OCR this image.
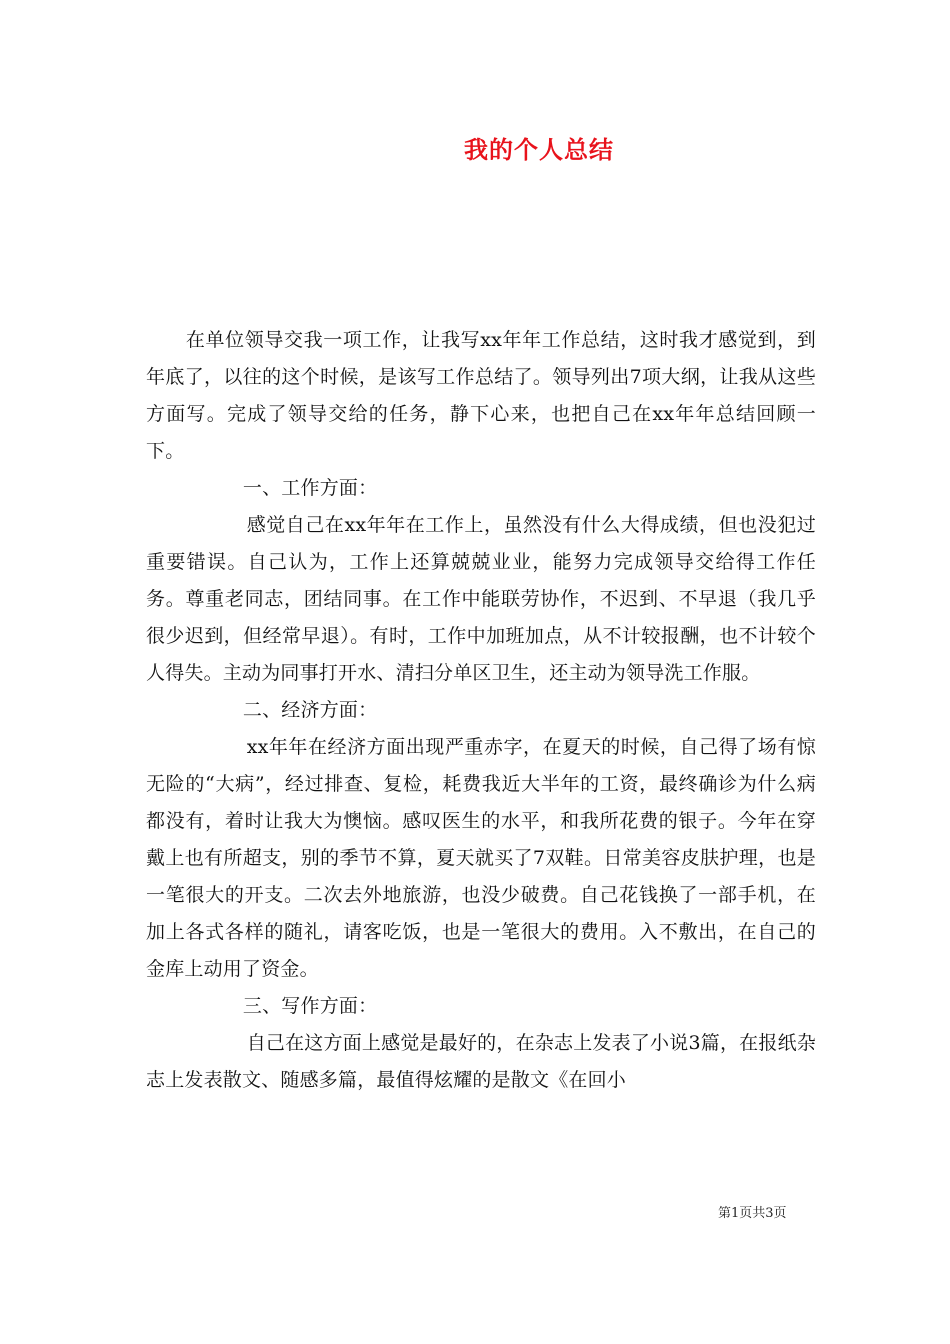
我的个人总结

在单位领导交我一项工作，让我写xx年年工作总结，这时我才感觉到，到年底了，以往的这个时候，是该写工作总结了。领导列出7项大纲，让我从这些方面写。完成了领导交给的任务，静下心来，也把自己在xx年年总结回顾一下。

一、工作方面：

感觉自己在xx年年在工作上，虽然没有什么大得成绩，但也没犯过重要错误。自己认为，工作上还算兢兢业业，能努力完成领导交给得工作任务。尊重老同志，团结同事。在工作中能联劳协作，不迟到、不早退（我几乎很少迟到，但经常早退）。有时，工作中加班加点，从不计较报酬，也不计较个人得失。主动为同事打开水、清扫分单区卫生，还主动为领导洗工作服。

二、经济方面：

xx年年在经济方面出现严重赤字，在夏天的时候，自己得了场有惊无险的“大病”，经过排查、复检，耗费我近大半年的工资，最终确诊为什么病都没有，着时让我大为懊恼。感叹医生的水平，和我所花费的银子。今年在穿戴上也有所超支，别的季节不算，夏天就买了7双鞋。日常美容皮肤护理，也是一笔很大的开支。二次去外地旅游，也没少破费。自己花钱换了一部手机，在加上各式各样的随礼，请客吃饭，也是一笔很大的费用。入不敷出，在自己的金库上动用了资金。

三、写作方面：

自己在这方面上感觉是最好的，在杂志上发表了小说3篇，在报纸杂志上发表散文、随感多篇，最值得炫耀的是散文《在回小

第1页共3页
